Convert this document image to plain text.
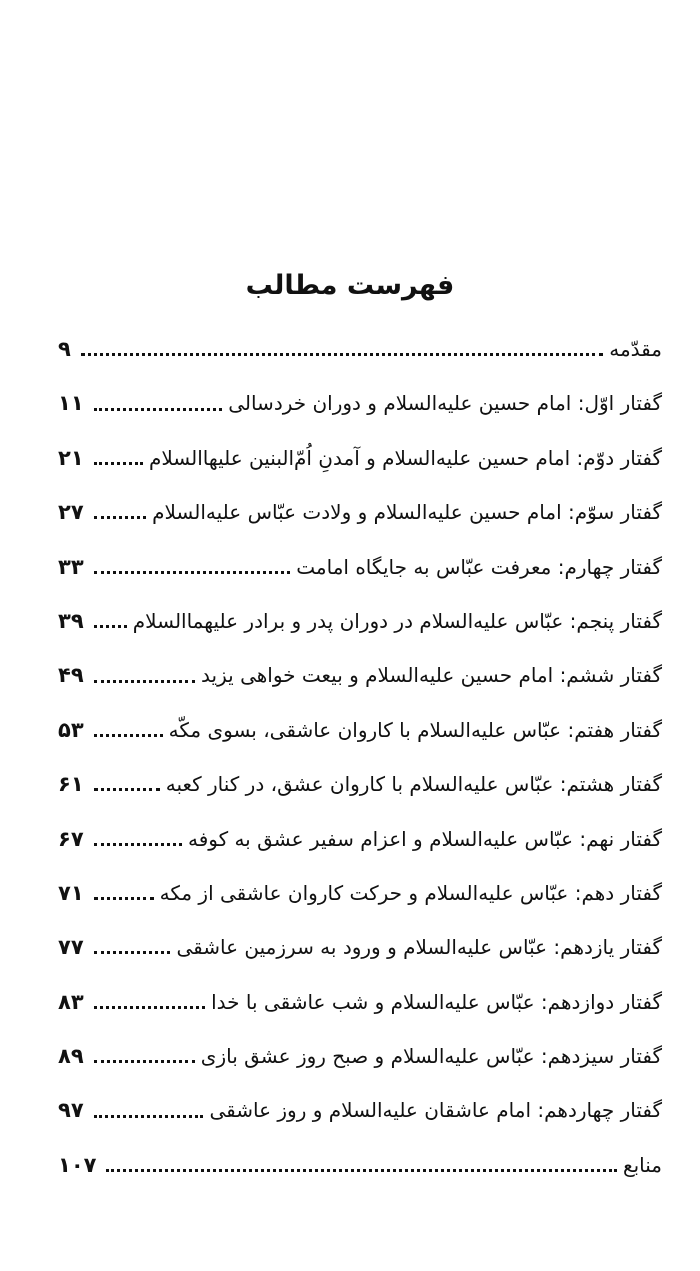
فهرست مطالب
مقدّمه
۹
گفتار اوّل: امام حسین علیه‌السلام و دوران خردسالی
۱۱
گفتار دوّم: امام حسین علیه‌السلام و آمدنِ اُمّ‌البنین علیهاالسلام
۲۱
گفتار سوّم: امام حسین علیه‌السلام و ولادت عبّاس علیه‌السلام
۲۷
گفتار چهارم: معرفت عبّاس به جایگاه امامت
۳۳
گفتار پنجم: عبّاس علیه‌السلام در دوران پدر و برادر علیهماالسلام
۳۹
گفتار ششم: امام حسین علیه‌السلام و بیعت خواهی یزید
۴۹
گفتار هفتم: عبّاس علیه‌السلام با کاروان عاشقی، بسوی مکّه
۵۳
گفتار هشتم: عبّاس علیه‌السلام با کاروان عشق، در کنار کعبه
۶۱
گفتار نهم: عبّاس علیه‌السلام و اعزام سفیر عشق به کوفه
۶۷
گفتار دهم: عبّاس علیه‌السلام و حرکت کاروان عاشقی از مکه
۷۱
گفتار یازدهم: عبّاس علیه‌السلام و ورود به سرزمین عاشقی
۷۷
گفتار دوازدهم: عبّاس علیه‌السلام و شب عاشقی با خدا
۸۳
گفتار سیزدهم: عبّاس علیه‌السلام و صبح روز عشق بازی
۸۹
گفتار چهاردهم: امام عاشقان علیه‌السلام و روز عاشقی
۹۷
منابع
۱۰۷
